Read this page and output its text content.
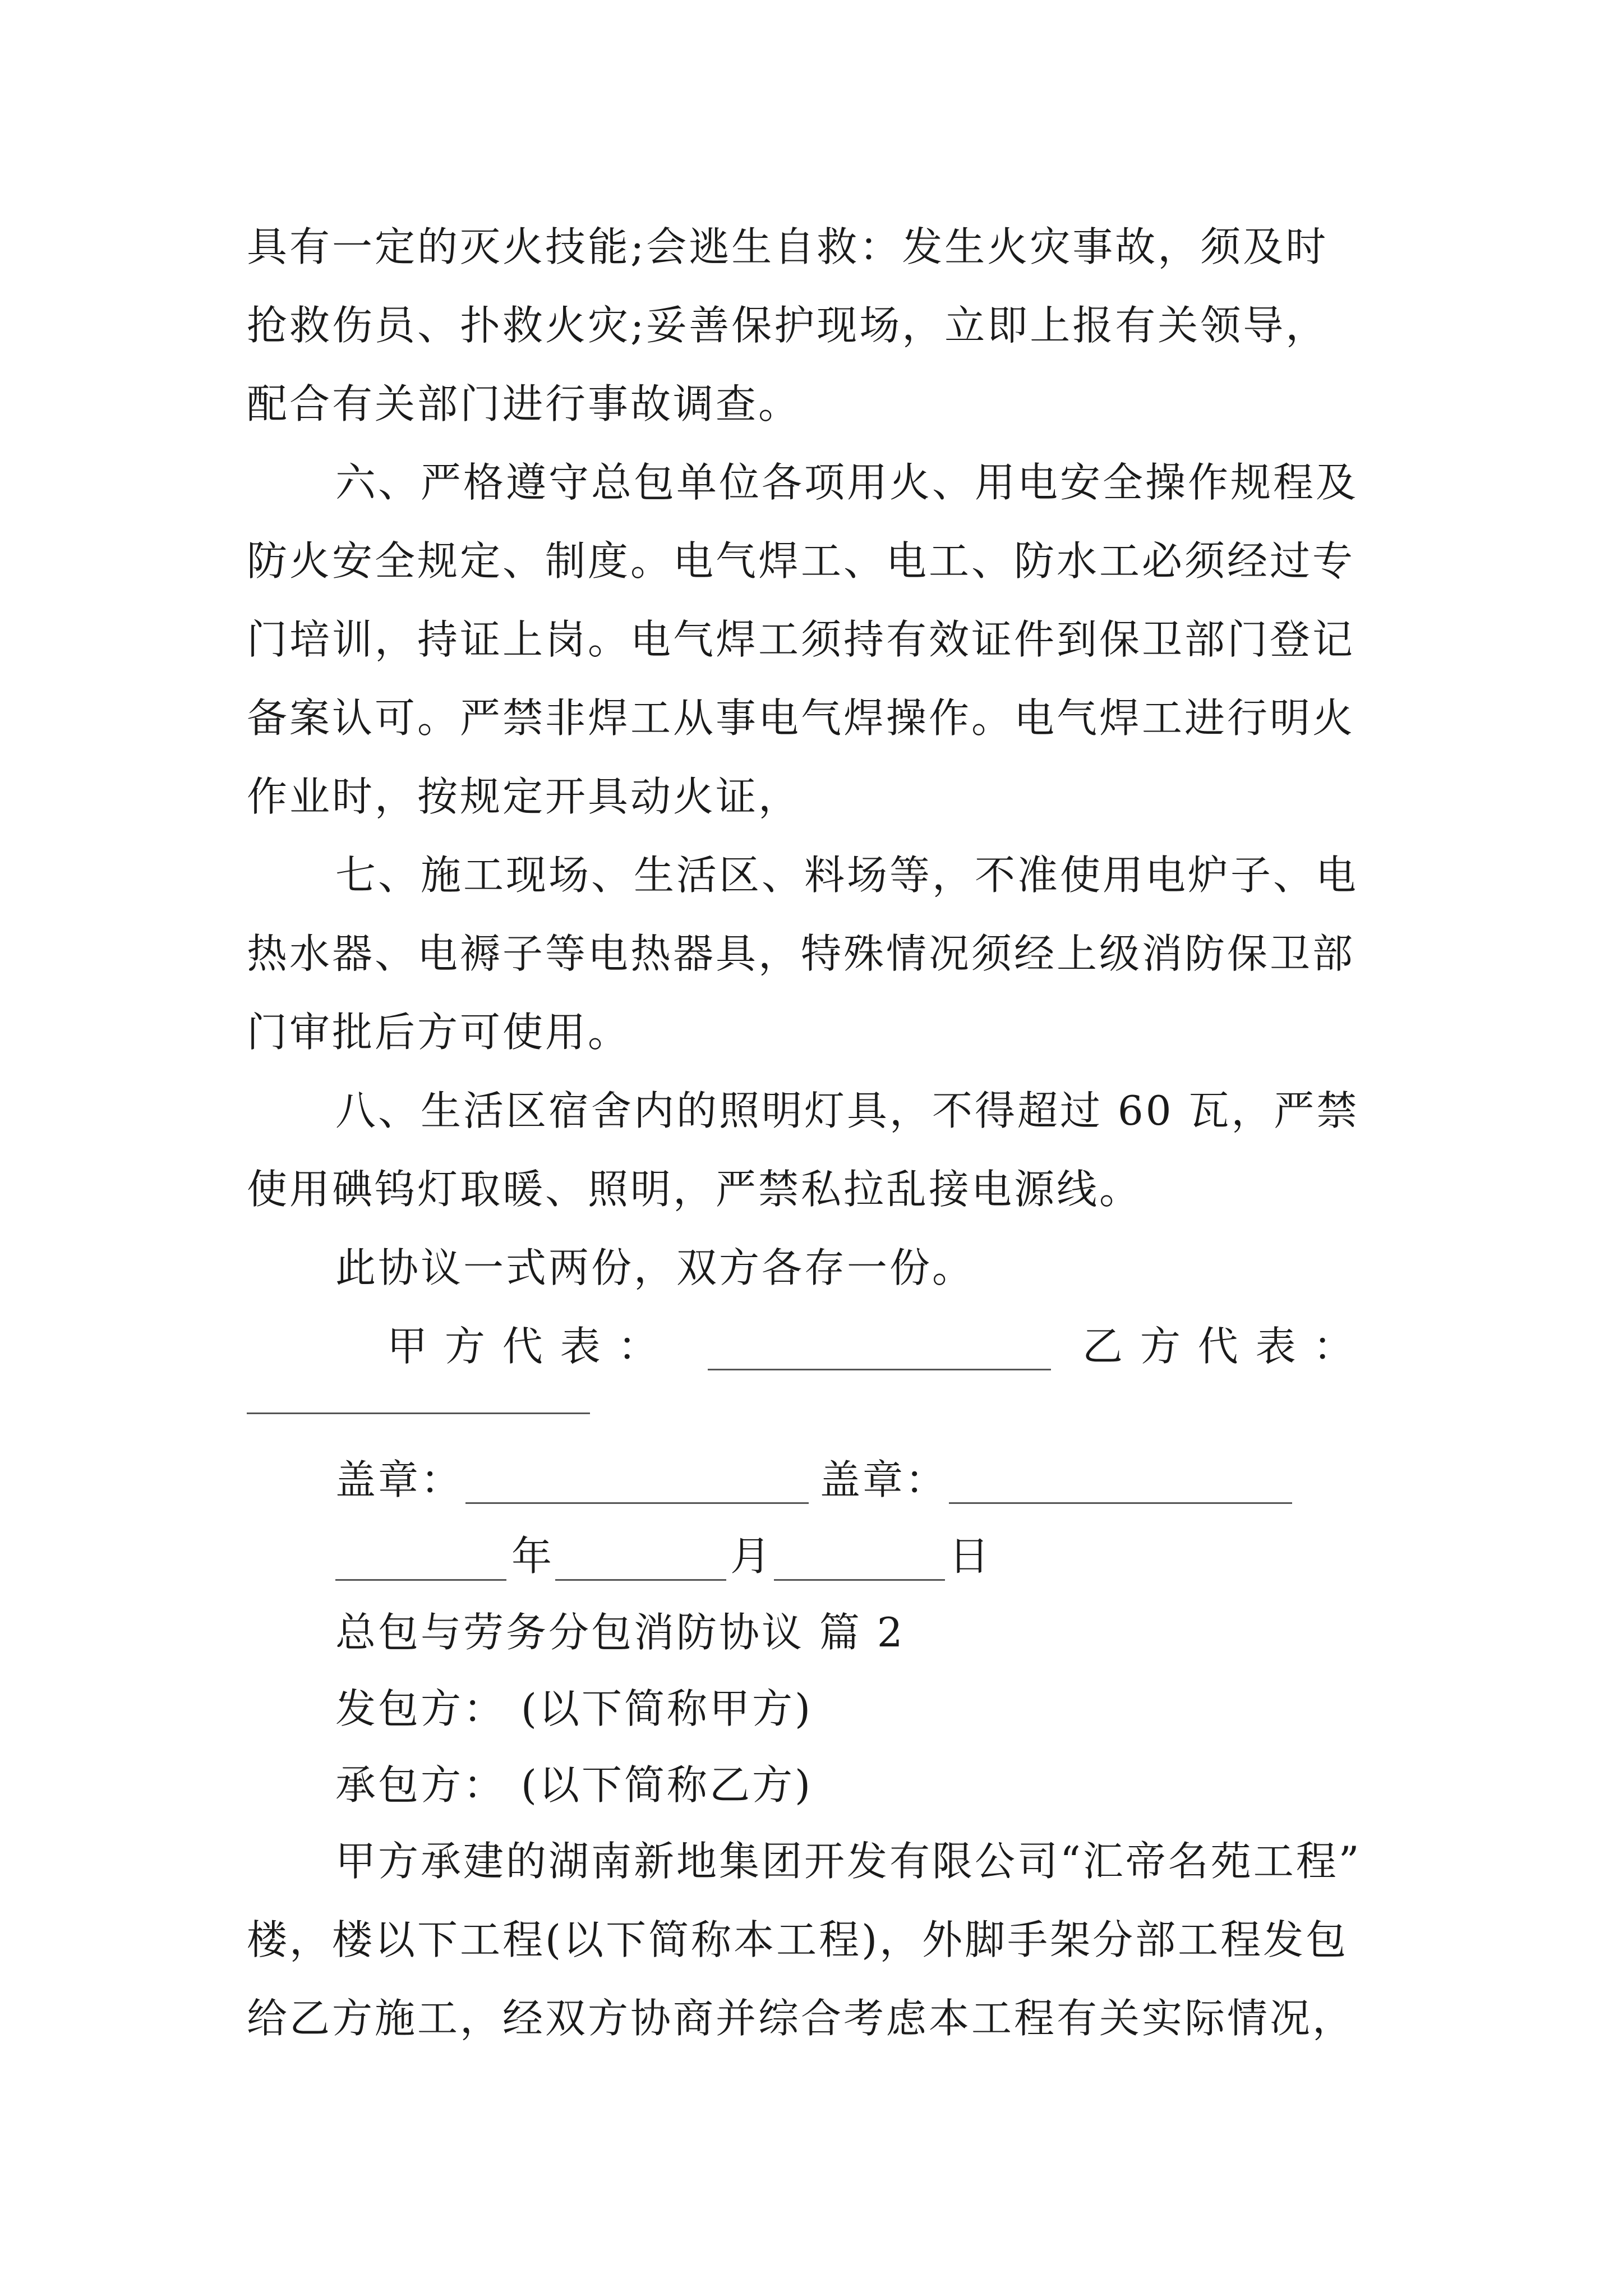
具有一定的灭火技能;会逃生自救：发生火灾事故，须及时
抢救伤员、扑救火灾;妥善保护现场，立即上报有关领导，
配合有关部门进行事故调查。
六、严格遵守总包单位各项用火、用电安全操作规程及
防火安全规定、制度。电气焊工、电工、防水工必须经过专
门培训，持证上岗。电气焊工须持有效证件到保卫部门登记
备案认可。严禁非焊工从事电气焊操作。电气焊工进行明火
作业时，按规定开具动火证，
七、施工现场、生活区、料场等，不准使用电炉子、电
热水器、电褥子等电热器具，特殊情况须经上级消防保卫部
门审批后方可使用。
八、生活区宿舍内的照明灯具，不得超过 60 瓦，严禁
使用碘钨灯取暖、照明，严禁私拉乱接电源线。
此协议一式两份，双方各存一份。
甲 方 代 表 ：	乙 方 代 表 ：
盖章：	盖章：
年	月	日
总包与劳务分包消防协议 篇 2
发包方： (以下简称甲方)
承包方： (以下简称乙方)
甲方承建的湖南新地集团开发有限公司“汇帝名苑工程”
楼，楼以下工程(以下简称本工程)，外脚手架分部工程发包
给乙方施工，经双方协商并综合考虑本工程有关实际情况，
